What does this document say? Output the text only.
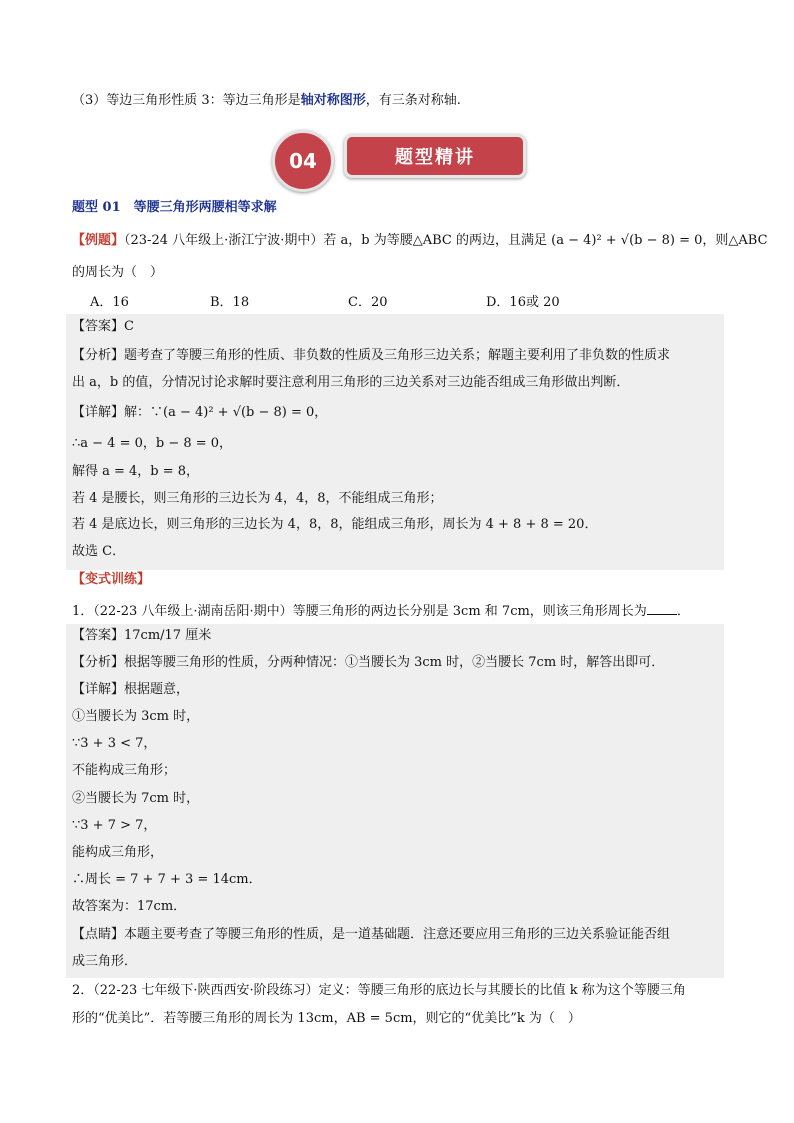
（3）等边三角形性质 3：等边三角形是轴对称图形，有三条对称轴.
04	题型精讲
题型 01　等腰三角形两腰相等求解
【例题】（23-24 八年级上·浙江宁波·期中）若 a，b 为等腰△ABC 的两边，且满足 (a − 4)² + √(b − 8) = 0，则△ABC
的周长为（　）
A．16	B．18	C．20	D．16或 20
【答案】C
【分析】题考查了等腰三角形的性质、非负数的性质及三角形三边关系；解题主要利用了非负数的性质求
出 a，b 的值，分情况讨论求解时要注意利用三角形的三边关系对三边能否组成三角形做出判断．
【详解】解：∵(a − 4)² + √(b − 8) = 0，
∴a − 4 = 0，b − 8 = 0，
解得 a = 4，b = 8，
若 4 是腰长，则三角形的三边长为 4，4，8，不能组成三角形；
若 4 是底边长，则三角形的三边长为 4，8，8，能组成三角形，周长为 4 + 8 + 8 = 20．
故选 C．
【变式训练】
1．（22-23 八年级上·湖南岳阳·期中）等腰三角形的两边长分别是 3cm 和 7cm，则该三角形周长为 ．
【答案】17cm/17 厘米
【分析】根据等腰三角形的性质，分两种情况：①当腰长为 3cm 时，②当腰长 7cm 时，解答出即可．
【详解】根据题意，
①当腰长为 3cm 时，
∵3 + 3 < 7，
不能构成三角形；
②当腰长为 7cm 时，
∵3 + 7 > 7，
能构成三角形，
∴周长 = 7 + 7 + 3 = 14cm．
故答案为：17cm．
【点睛】本题主要考查了等腰三角形的性质，是一道基础题．注意还要应用三角形的三边关系验证能否组
成三角形．
2．（22-23 七年级下·陕西西安·阶段练习）定义：等腰三角形的底边长与其腰长的比值 k 称为这个等腰三角
形的“优美比”．若等腰三角形的周长为 13cm，AB = 5cm，则它的“优美比”k 为（　）
